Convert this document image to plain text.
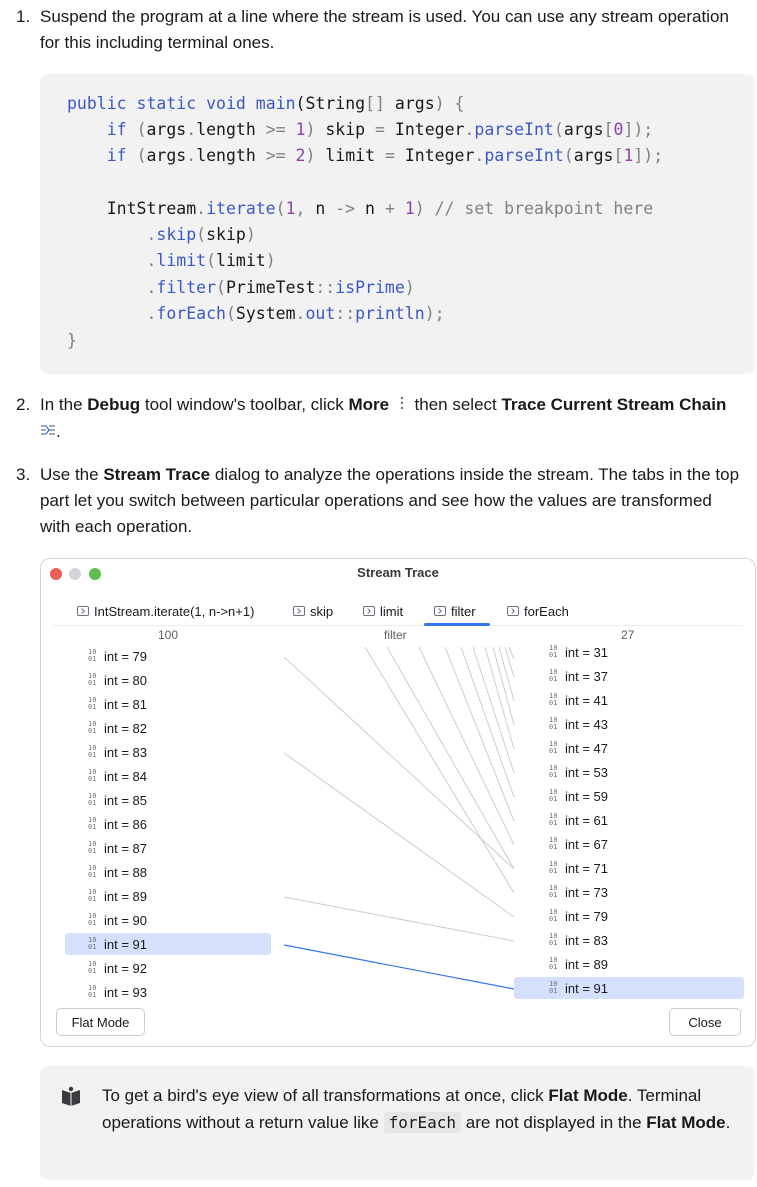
1. Suspend the program at a line where the stream is used. You can use any stream operation for this including terminal ones.
public static void main(String[] args) {
if (args.length >= 1) skip = Integer.parseInt(args[0]);
if (args.length >= 2) limit = Integer.parseInt(args[1]);
IntStream.iterate(1, n -> n + 1) // set breakpoint here
.skip(skip)
.limit(limit)
.filter(PrimeTest::isPrime)
.forEach(System.out::println);
}
2. In the Debug tool window's toolbar, click More  then select Trace Current Stream Chain .
3. Use the Stream Trace dialog to analyze the operations inside the stream. The tabs in the top part let you switch between particular operations and see how the values are transformed with each operation.
Stream Trace
IntStream.iterate(1, n->n+1)	skip	limit	filter	forEach
100	filter	27
10
01 int = 79
10
01 int = 80
10
01 int = 81
10
01 int = 82
10
01 int = 83
10
01 int = 84
10
01 int = 85
10
01 int = 86
10
01 int = 87
10
01 int = 88
10
01 int = 89
10
01 int = 90
10
01 int = 91
10
01 int = 92
10
01 int = 93
10
01 int = 31
10
01 int = 37
10
01 int = 41
10
01 int = 43
10
01 int = 47
10
01 int = 53
10
01 int = 59
10
01 int = 61
10
01 int = 67
10
01 int = 71
10
01 int = 73
10
01 int = 79
10
01 int = 83
10
01 int = 89
10
01 int = 91
Flat Mode	Close
To get a bird's eye view of all transformations at once, click Flat Mode. Terminal operations without a return value like forEach are not displayed in the Flat Mode.
